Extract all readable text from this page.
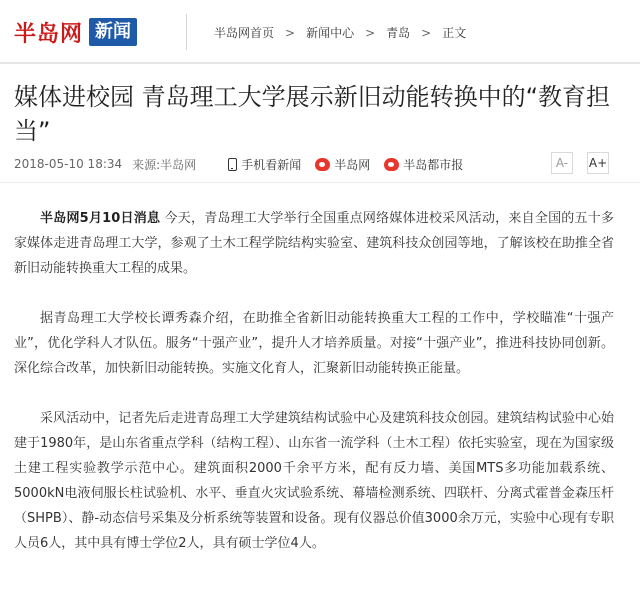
半岛网 新闻	半岛网首页 > 新闻中心 > 青岛 > 正文
媒体进校园 青岛理工大学展示新旧动能转换中的“教育担当”
2018-05-10 18:34 来源:半岛网	手机看新闻	半岛网	半岛都市报	A-	A+

半岛网5月10日消息 今天，青岛理工大学举行全国重点网络媒体进校采风活动，来自全国的五十多家媒体走进青岛理工大学，参观了土木工程学院结构实验室、建筑科技众创园等地，了解该校在助推全省新旧动能转换重大工程的成果。

据青岛理工大学校长谭秀森介绍，在助推全省新旧动能转换重大工程的工作中，学校瞄准“十强产业”，优化学科人才队伍。服务“十强产业”，提升人才培养质量。对接“十强产业”，推进科技协同创新。深化综合改革，加快新旧动能转换。实施文化育人，汇聚新旧动能转换正能量。

采风活动中，记者先后走进青岛理工大学建筑结构试验中心及建筑科技众创园。建筑结构试验中心始建于1980年，是山东省重点学科（结构工程）、山东省一流学科（土木工程）依托实验室，现在为国家级土建工程实验教学示范中心。建筑面积2000千余平方米，配有反力墙、美国MTS多功能加载系统、5000kN电液伺服长柱试验机、水平、垂直火灾试验系统、幕墙检测系统、四联杆、分离式霍普金森压杆（SHPB）、静-动态信号采集及分析系统等装置和设备。现有仪器总价值3000余万元，实验中心现有专职人员6人，其中具有博士学位2人，具有硕士学位4人。
